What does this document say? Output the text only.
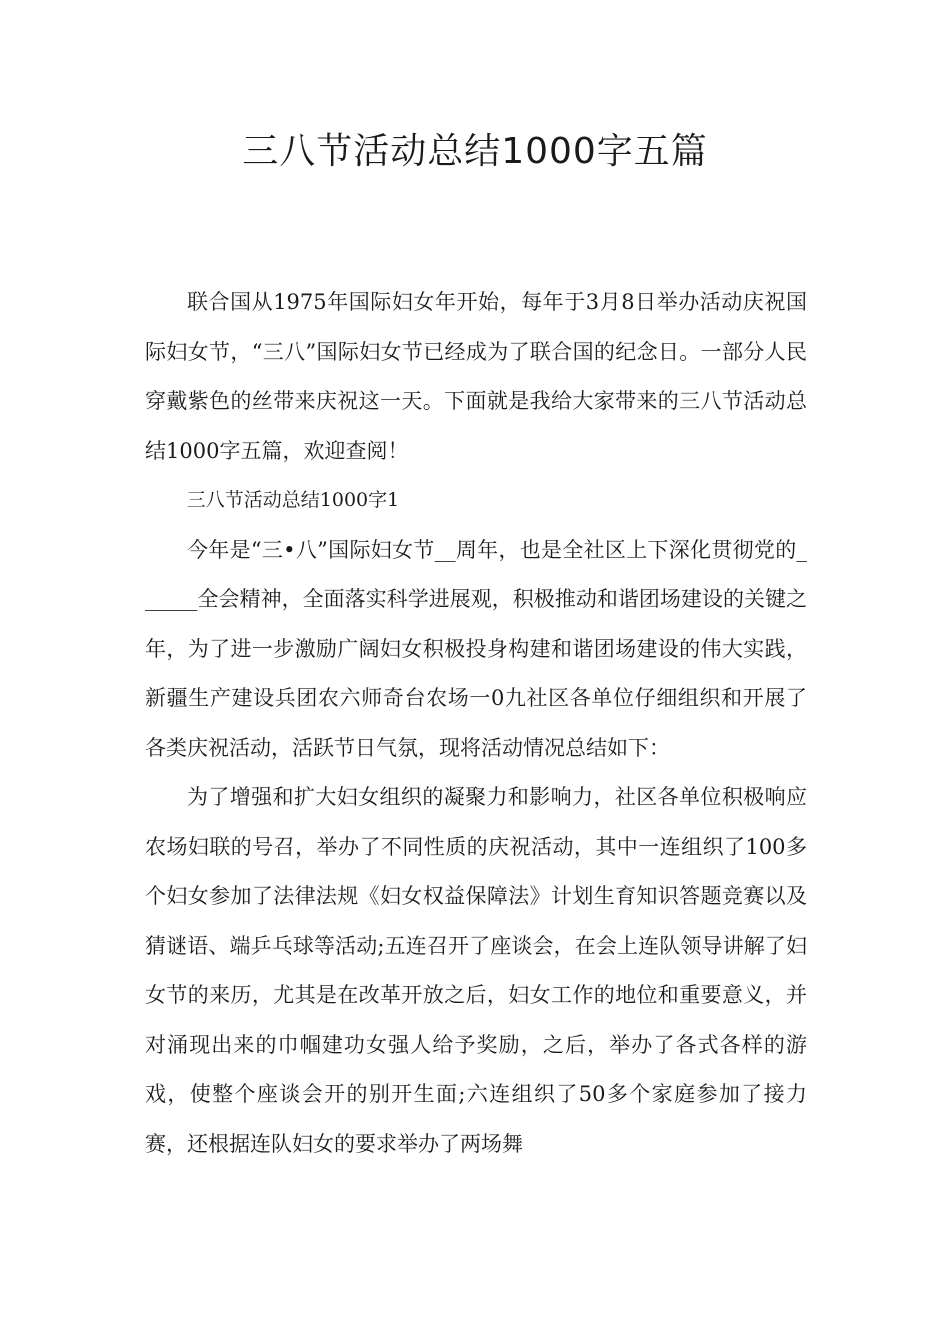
三八节活动总结1000字五篇

联合国从1975年国际妇女年开始，每年于3月8日举办活动庆祝国际妇女节，“三八”国际妇女节已经成为了联合国的纪念日。一部分人民穿戴紫色的丝带来庆祝这一天。下面就是我给大家带来的三八节活动总结1000字五篇，欢迎查阅！

三八节活动总结1000字1

今年是“三•八”国际妇女节__周年，也是全社区上下深化贯彻党的______全会精神，全面落实科学进展观，积极推动和谐团场建设的关键之年，为了进一步激励广阔妇女积极投身构建和谐团场建设的伟大实践，新疆生产建设兵团农六师奇台农场一0九社区各单位仔细组织和开展了各类庆祝活动，活跃节日气氛，现将活动情况总结如下：

为了增强和扩大妇女组织的凝聚力和影响力，社区各单位积极响应农场妇联的号召，举办了不同性质的庆祝活动，其中一连组织了100多个妇女参加了法律法规《妇女权益保障法》计划生育知识答题竞赛以及猜谜语、端乒乓球等活动;五连召开了座谈会，在会上连队领导讲解了妇女节的来历，尤其是在改革开放之后，妇女工作的地位和重要意义，并对涌现出来的巾帼建功女强人给予奖励，之后，举办了各式各样的游戏，使整个座谈会开的别开生面;六连组织了50多个家庭参加了接力赛，还根据连队妇女的要求举办了两场舞
